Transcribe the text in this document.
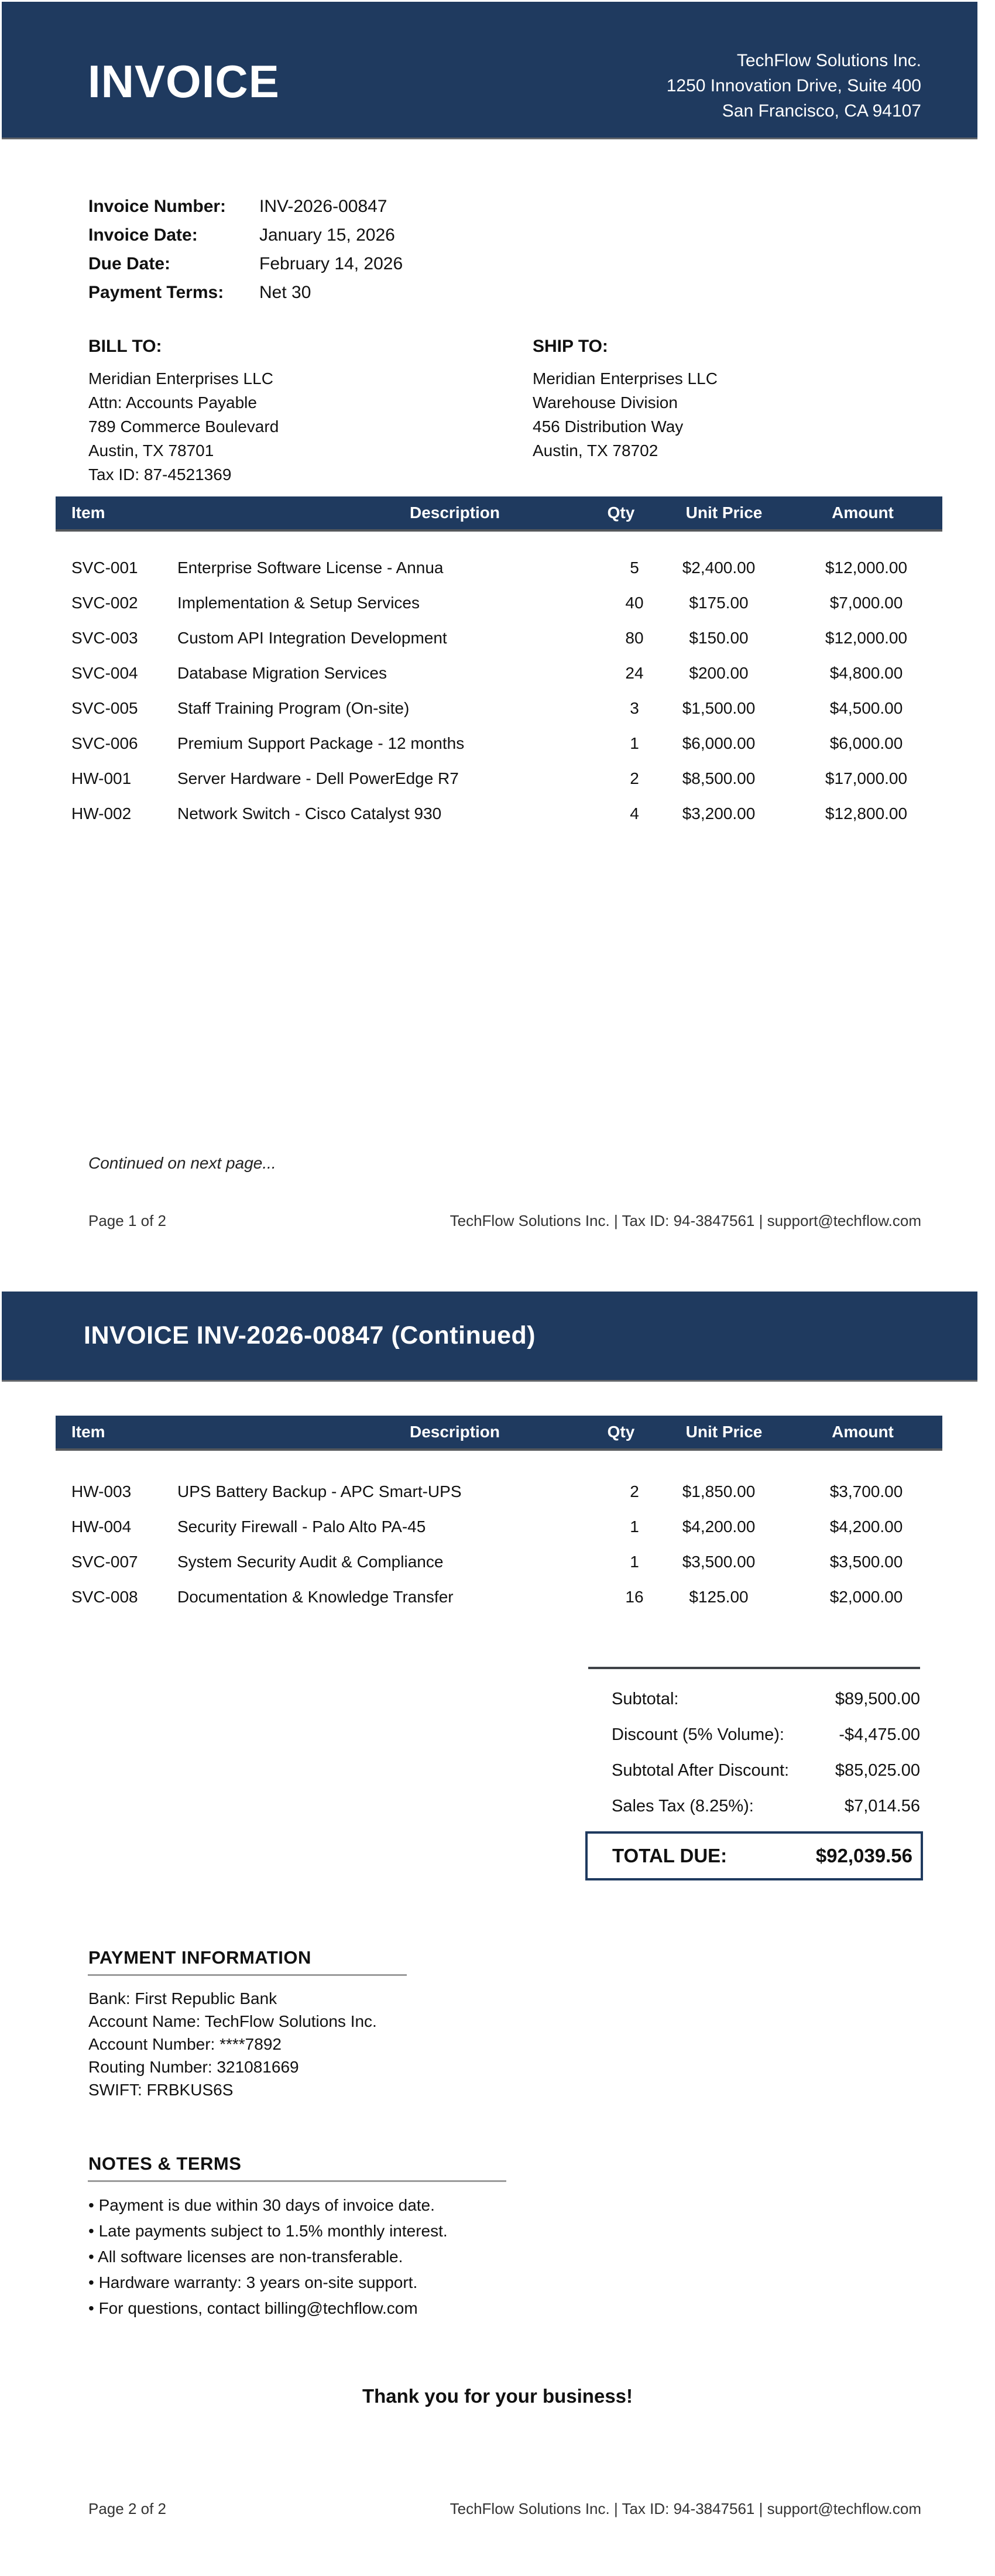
INVOICE	TechFlow Solutions Inc.
1250 Innovation Drive, Suite 400
San Francisco, CA 94107
Invoice Number: INV-2026-00847
Invoice Date:	January 15, 2026
Due Date:	February 14, 2026
Payment Terms: Net 30
BILL TO:
Meridian Enterprises LLC
Attn: Accounts Payable
789 Commerce Boulevard
Austin, TX 78701
Tax ID: 87-4521369
SHIP TO:
Meridian Enterprises LLC
Warehouse Division
456 Distribution Way
Austin, TX 78702
Item	Description	Qty	Unit Price	Amount
SVC-001 Enterprise Software License - Annua	5	$2,400.00	$12,000.00
SVC-002 Implementation & Setup Services	40	$175.00	$7,000.00
SVC-003 Custom API Integration Development	80	$150.00	$12,000.00
SVC-004 Database Migration Services	24	$200.00	$4,800.00
SVC-005 Staff Training Program (On-site)	3	$1,500.00	$4,500.00
SVC-006 Premium Support Package - 12 months	1	$6,000.00	$6,000.00
HW-001	Server Hardware - Dell PowerEdge R7	2	$8,500.00	$17,000.00
HW-002	Network Switch - Cisco Catalyst 930	4	$3,200.00	$12,800.00
Continued on next page...
Page 1 of 2	TechFlow Solutions Inc. | Tax ID: 94-3847561 | support@techflow.com
INVOICE INV-2026-00847 (Continued)
Item	Description	Qty	Unit Price	Amount
HW-003	UPS Battery Backup - APC Smart-UPS	2	$1,850.00	$3,700.00
HW-004	Security Firewall - Palo Alto PA-45	1	$4,200.00	$4,200.00
SVC-007 System Security Audit & Compliance	1	$3,500.00	$3,500.00
SVC-008 Documentation & Knowledge Transfer	16	$125.00	$2,000.00
Subtotal:	$89,500.00
Discount (5% Volume):	-$4,475.00
Subtotal After Discount:	$85,025.00
Sales Tax (8.25%):	$7,014.56
TOTAL DUE:	$92,039.56
PAYMENT INFORMATION
Bank: First Republic Bank
Account Name: TechFlow Solutions Inc.
Account Number: ****7892
Routing Number: 321081669
SWIFT: FRBKUS6S
NOTES & TERMS
• Payment is due within 30 days of invoice date.
• Late payments subject to 1.5% monthly interest.
• All software licenses are non-transferable.
• Hardware warranty: 3 years on-site support.
• For questions, contact billing@techflow.com
Thank you for your business!
Page 2 of 2	TechFlow Solutions Inc. | Tax ID: 94-3847561 | support@techflow.com
